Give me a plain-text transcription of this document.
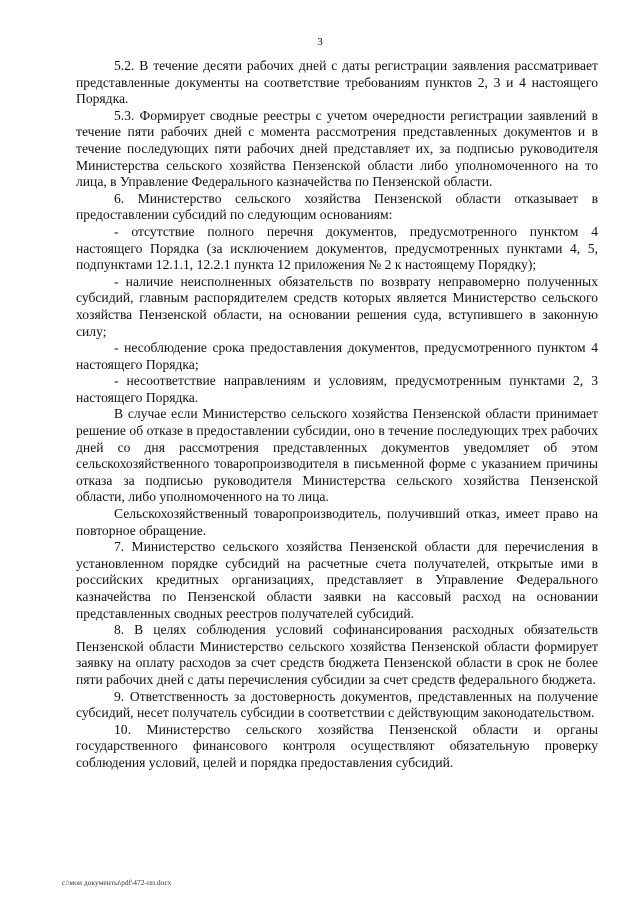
3

5.2. В течение десяти рабочих дней с даты регистрации заявления рассматривает представленные документы на соответствие требованиям пунктов 2, 3 и 4 настоящего Порядка.

5.3. Формирует сводные реестры с учетом очередности регистрации заявлений в течение пяти рабочих дней с момента рассмотрения представленных документов и в течение последующих пяти рабочих дней представляет их, за подписью руководителя Министерства сельского хозяйства Пензенской области либо уполномоченного на то лица, в Управление Федерального казначейства по Пензенской области.

6. Министерство сельского хозяйства Пензенской области отказывает в предоставлении субсидий по следующим основаниям:

- отсутствие полного перечня документов, предусмотренного пунктом 4 настоящего Порядка (за исключением документов, предусмотренных пунктами 4, 5, подпунктами 12.1.1, 12.2.1 пункта 12 приложения № 2 к настоящему Порядку);

- наличие неисполненных обязательств по возврату неправомерно полученных субсидий, главным распорядителем средств которых является Министерство сельского хозяйства Пензенской области, на основании решения суда, вступившего в законную силу;

- несоблюдение срока предоставления документов, предусмотренного пунктом 4 настоящего Порядка;

- несоответствие направлениям и условиям, предусмотренным пунктами 2, 3 настоящего Порядка.

В случае если Министерство сельского хозяйства Пензенской области принимает решение об отказе в предоставлении субсидии, оно в течение последующих трех рабочих дней со дня рассмотрения представленных документов уведомляет об этом сельскохозяйственного товаропроизводителя в письменной форме с указанием причины отказа за подписью руководителя Министерства сельского хозяйства Пензенской области, либо уполномоченного на то лица.

Сельскохозяйственный товаропроизводитель, получивший отказ, имеет право на повторное обращение.

7. Министерство сельского хозяйства Пензенской области для перечисления в установленном порядке субсидий на расчетные счета получателей, открытые ими в российских кредитных организациях, представляет в Управление Федерального казначейства по Пензенской области заявки на кассовый расход на основании представленных сводных реестров получателей субсидий.

8. В целях соблюдения условий софинансирования расходных обязательств Пензенской области Министерство сельского хозяйства Пензенской области формирует заявку на оплату расходов за счет средств бюджета Пензенской области в срок не более пяти рабочих дней с даты перечисления субсидии за счет средств федерального бюджета.

9. Ответственность за достоверность документов, представленных на получение субсидий, несет получатель субсидии в соответствии с действующим законодательством.

10. Министерство сельского хозяйства Пензенской области и органы государственного финансового контроля осуществляют обязательную проверку соблюдения условий, целей и порядка предоставления субсидий.

c:\мои документы\pdf\472-пп.docx
